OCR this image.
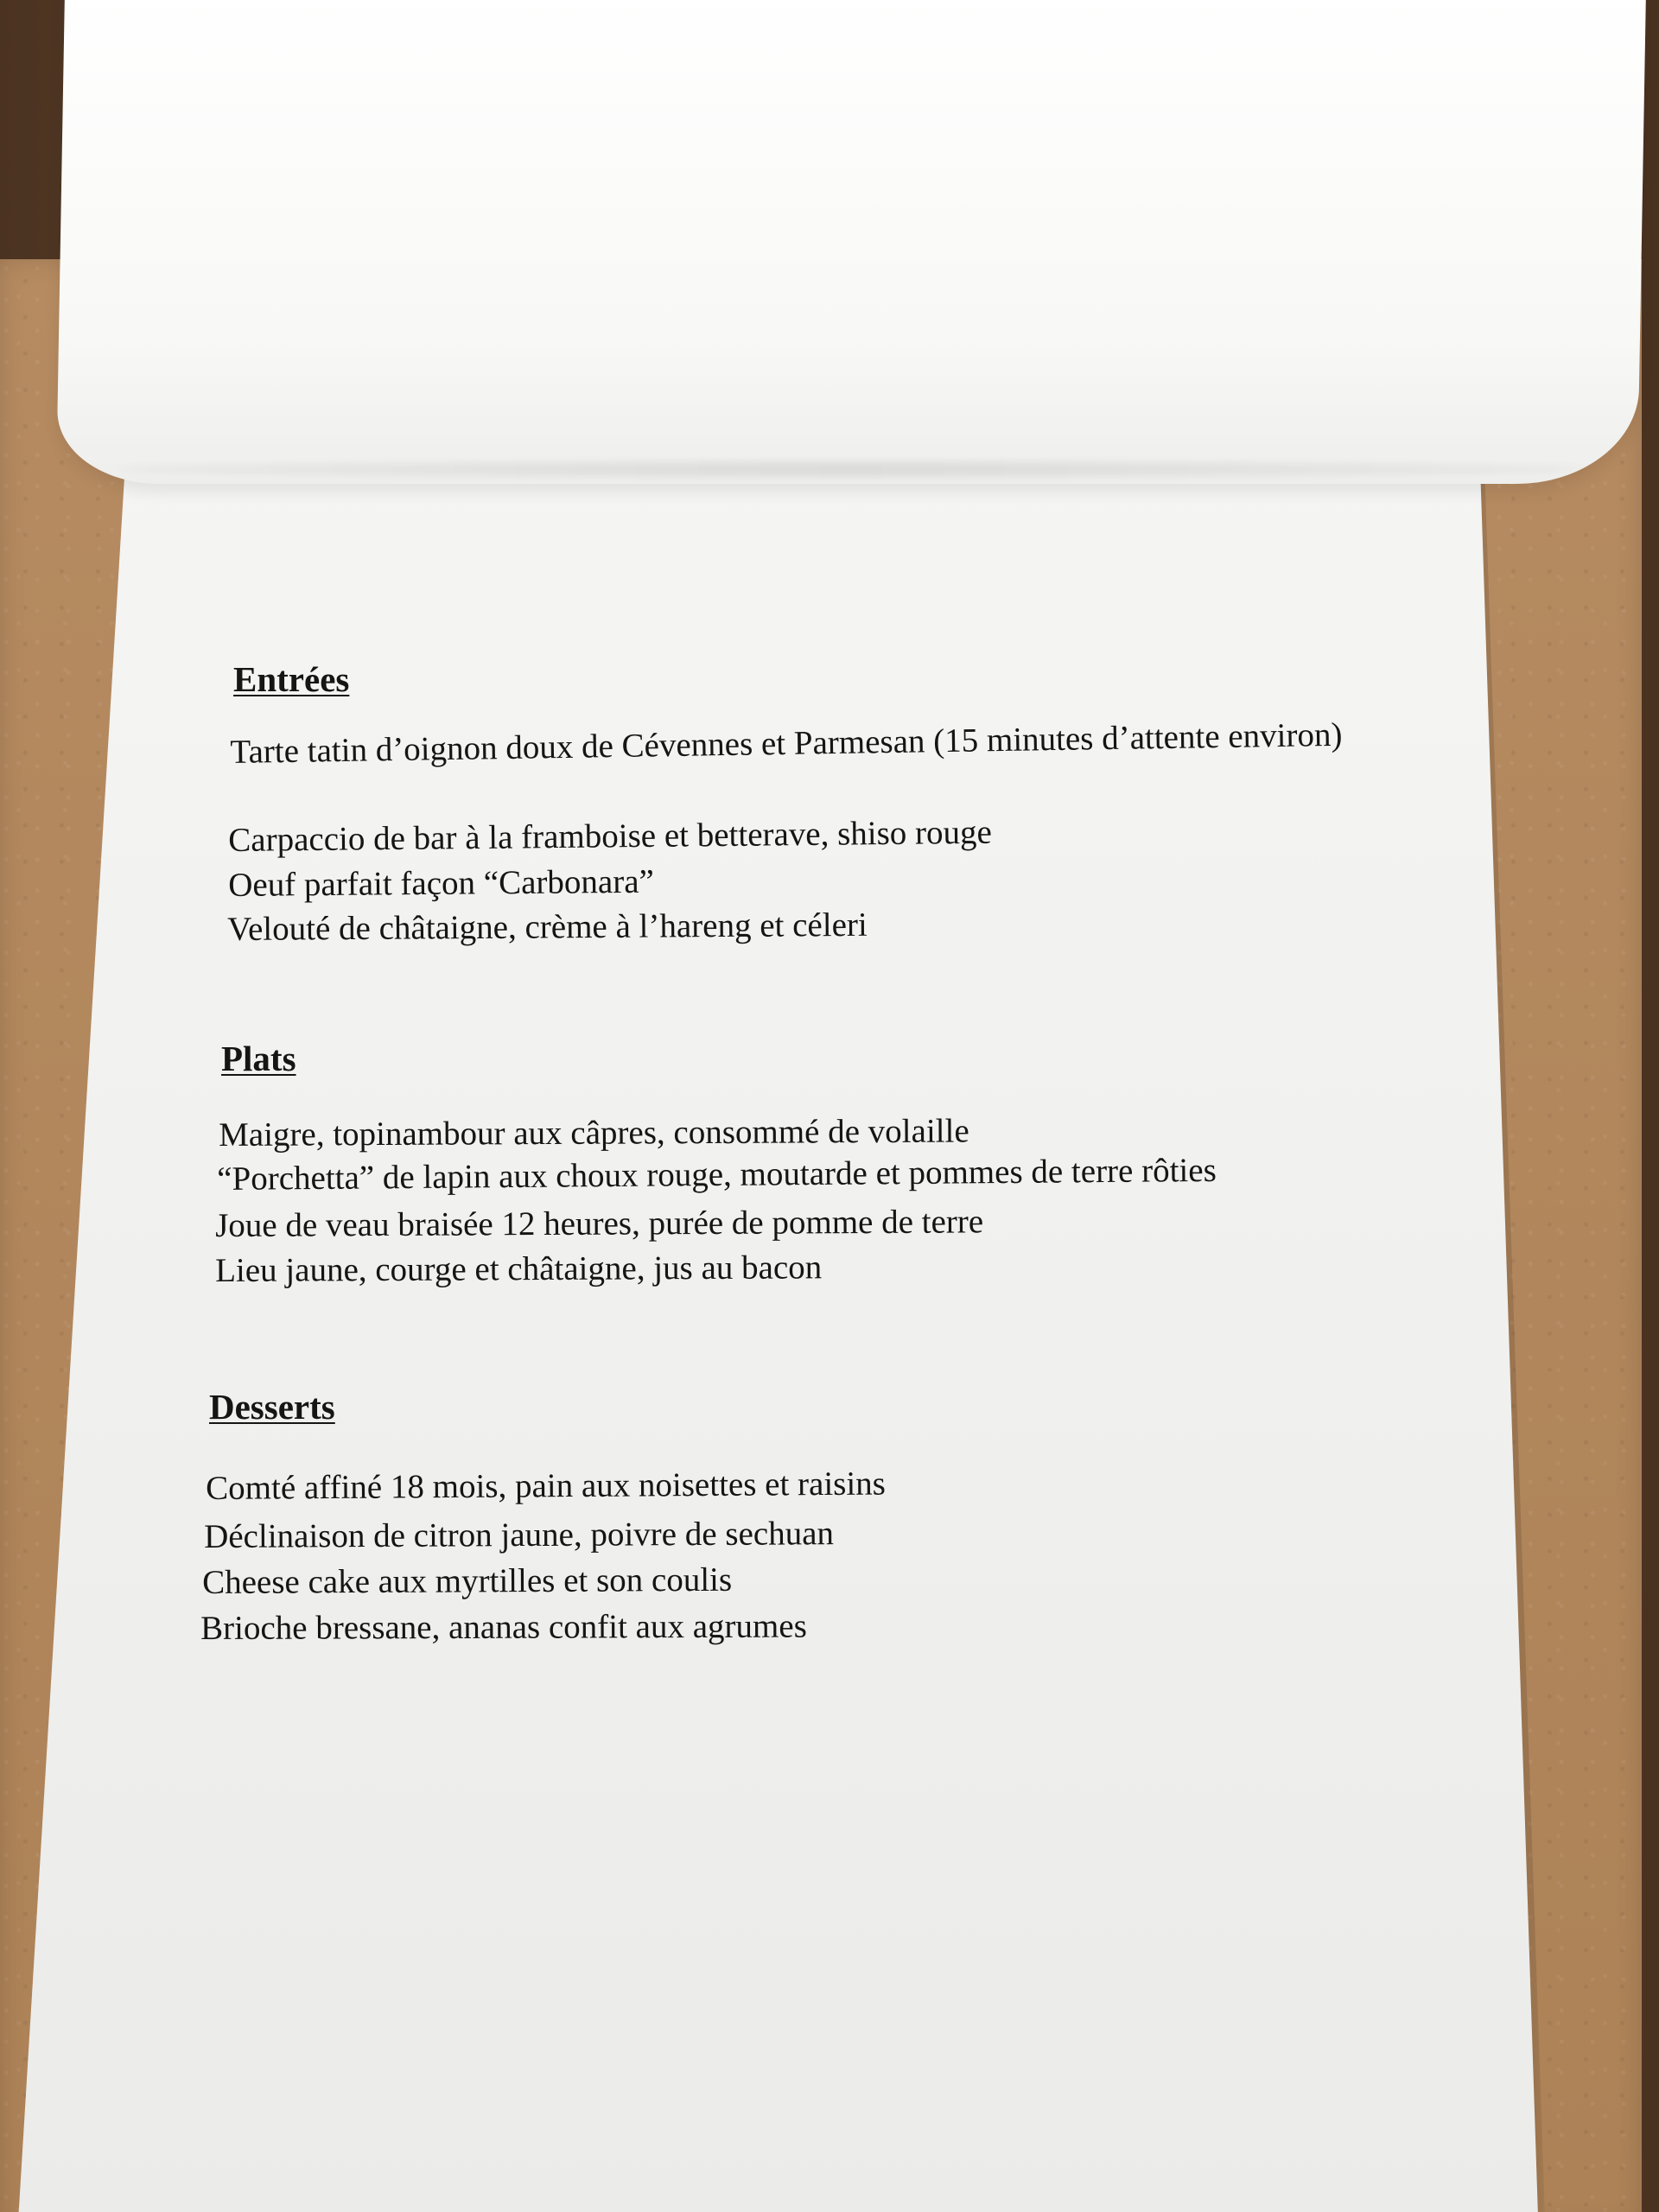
Entrées
Tarte tatin d’oignon doux de Cévennes et Parmesan (15 minutes d’attente environ)
Carpaccio de bar à la framboise et betterave, shiso rouge
Oeuf parfait façon “Carbonara”
Velouté de châtaigne, crème à l’hareng et céleri
Plats
Maigre, topinambour aux câpres, consommé de volaille
“Porchetta” de lapin aux choux rouge, moutarde et pommes de terre rôties
Joue de veau braisée 12 heures, purée de pomme de terre
Lieu jaune, courge et châtaigne, jus au bacon
Desserts
Comté affiné 18 mois, pain aux noisettes et raisins
Déclinaison de citron jaune, poivre de sechuan
Cheese cake aux myrtilles et son coulis
Brioche bressane, ananas confit aux agrumes
